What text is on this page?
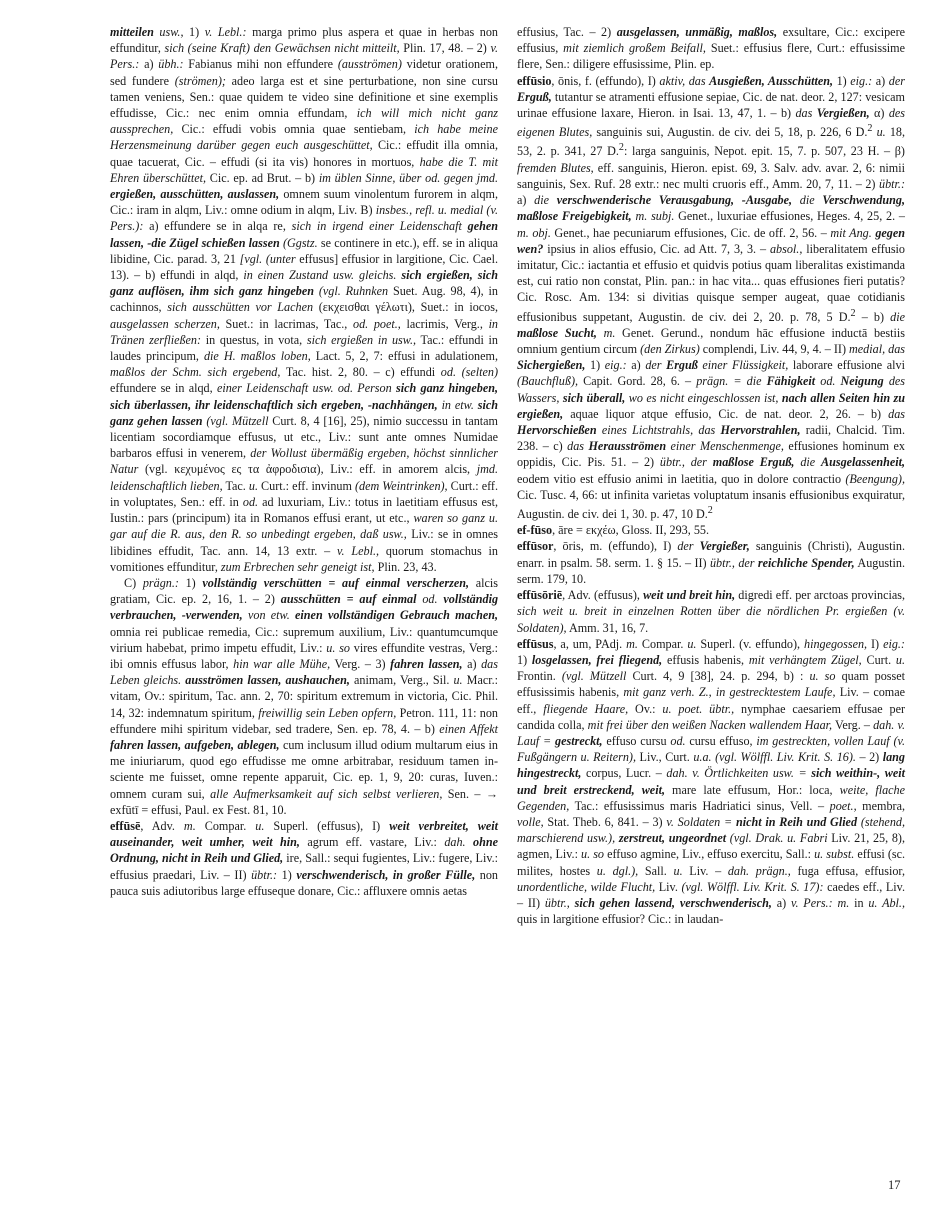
mitteilen usw., 1) v. Lebl.: marga primo plus aspera et quae in herbas non effunditur, sich (seine Kraft) den Gewächsen nicht mitteilt, Plin. 17, 48. – 2) v. Pers.: a) übh.: Fabianus mihi non effundere (ausströmen) videtur orationem, sed fundere (strömen); adeo larga est et sine perturbatione, non sine cursu tamen veniens, Sen.: quae quidem te video sine definitione et sine exemplis effudisse, Cic.: nec enim omnia effundam, ich will mich nicht ganz aussprechen, Cic.: effudi vobis omnia quae sentiebam, ich habe meine Herzensmeinung darüber gegen euch ausgeschüttet, Cic.: effudit illa omnia, quae tacuerat, Cic. – effudi (si ita vis) honores in mortuos, habe die T. mit Ehren überschüttet, Cic. ep. ad Brut. – b) im üblen Sinne, über od. gegen jmd. ergießen, ausschütten, auslassen, omnem suum vinolentum furorem in alqm, Cic.: iram in alqm, Liv.: omne odium in alqm, Liv. B) insbes., refl. u. medial (v. Pers.): a) effundere se in alqa re, sich in irgend einer Leidenschaft gehen lassen, -die Zügel schießen lassen (Ggstz. se continere in etc.), eff. se in aliqua libidine, Cic. parad. 3, 21 [vgl. (unter effusus] effusior in largitione, Cic. Cael. 13). – b) effundi in alqd, in einen Zustand usw. gleichs. sich ergießen, sich ganz auflösen, ihm sich ganz hingeben (vgl. Ruhnken Suet. Aug. 98, 4), in cachinnos, sich ausschütten vor Lachen (εκχεισθαι γέλωτι), Suet.: in iocos, ausgelassen scherzen, Suet.: in lacrimas, Tac., od. poet., lacrimis, Verg., in Tränen zerfließen: in questus, in vota, sich ergießen in usw., Tac.: effundi in laudes principum, die H. maßlos loben, Lact. 5, 2, 7: effusi in adulationem, maßlos der Schm. sich ergebend, Tac. hist. 2, 80. – c) effundi od. (selten) effundere se in alqd, einer Leidenschaft usw. od. Person sich ganz hingeben, sich überlassen, ihr leidenschaftlich sich ergeben, -nachhängen, in etw. sich ganz gehen lassen (vgl. Mützell Curt. 8, 4 [16], 25), nimio successu in tantam licentiam socordiamque effusus, ut etc., Liv.: sunt ante omnes Numidae barbaros effusi in venerem, der Wollust übermäßig ergeben, höchst sinnlicher Natur (vgl. κεχυμένος ες τα ἀφροδισια), Liv.: eff. in amorem alcis, jmd. leidenschaftlich lieben, Tac. u. Curt.: eff. invinum (dem Weintrinken), Curt.: eff. in voluptates, Sen.: eff. in od. ad luxuriam, Liv.: totus in laetitiam effusus est, Iustin.: pars (principum) ita in Romanos effusi erant, ut etc., waren so ganz u. gar auf die R. aus, den R. so unbedingt ergeben, daß usw., Liv.: se in omnes libidines effudit, Tac. ann. 14, 13 extr. – v. Lebl., quorum stomachus in vomitiones effunditur, zum Erbrechen sehr geneigt ist, Plin. 23, 43.

C) prägn.: 1) vollständig verschütten = auf einmal verscherzen, alcis gratiam, Cic. ep. 2, 16, 1. – 2) ausschütten = auf einmal od. vollständig verbrauchen, -verwenden, von etw. einen vollständigen Gebrauch machen, omnia rei publicae remedia, Cic.: supremum auxilium, Liv.: quantumcumque virium habebat, primo impetu effudit, Liv.: u. so vires effundite vestras, Verg.: ibi omnis effusus labor, hin war alle Mühe, Verg. – 3) fahren lassen, a) das Leben gleichs. ausströmen lassen, aushauchen, animam, Verg., Sil. u. Macr.: vitam, Ov.: spiritum, Tac. ann. 2, 70: spiritum extremum in victoria, Cic. Phil. 14, 32: indemnatum spiritum, freiwillig sein Leben opfern, Petron. 111, 11: non effundere mihi spiritum videbar, sed tradere, Sen. ep. 78, 4. – b) einen Affekt fahren lassen, aufgeben, ablegen, cum inclusum illud odium multarum eius in me iniuriarum, quod ego effudisse me omne arbitrabar, residuum tamen insciente me fuisset, omne repente apparuit, Cic. ep. 1, 9, 20: curas, Iuven.: omnem curam sui, alle Aufmerksamkeit auf sich selbst verlieren, Sen. – → exfūtī = effusi, Paul. ex Fest. 81, 10.

effūsē, Adv. m. Compar. u. Superl. (effusus), I) weit verbreitet, weit auseinander, weit umher, weit hin, agrum eff. vastare, Liv.: dah. ohne Ordnung, nicht in Reih und Glied, ire, Sall.: sequi fugientes, Liv.: fugere, Liv.: effusius praedari, Liv. – II) übtr.: 1) verschwenderisch, in großer Fülle, non pauca suis adiutoribus large effuseque donare, Cic.: affluxere omnis aetas

effusius, Tac. – 2) ausgelassen, unmäßig, maßlos, exsultare, Cic.: excipere effusius, mit ziemlich großem Beifall, Suet.: effusius flere, Curt.: effusissime flere, Sen.: diligere effusissime, Plin. ep.

effūsio, ōnis, f. (effundo), I) aktiv, das Ausgießen, Ausschütten, 1) eig.: a) der Erguß, tutantur se atramenti effusione sepiae, Cic. de nat. deor. 2, 127: vesicam urinae effusione laxare, Hieron. in Isai. 13, 47, 1. – b) das Vergießen, α) des eigenen Blutes, sanguinis sui, Augustin. de civ. dei 5, 18, p. 226, 6 D.$^2$ u. 18, 53, 2. p. 341, 27 D.$^2$: larga sanguinis, Nepot. epit. 15, 7. p. 507, 23 H. – β) fremden Blutes, eff. sanguinis, Hieron. epist. 69, 3. Salv. adv. avar. 2, 6: nimii sanguinis, Sex. Ruf. 28 extr.: nec multi cruoris eff., Amm. 20, 7, 11. – 2) übtr.: a) die verschwenderische Verausgabung, -Ausgabe, die Verschwendung, maßlose Freigebigkeit, m. subj. Genet., luxuriae effusiones, Heges. 4, 25, 2. – m. obj. Genet., hae pecuniarum effusiones, Cic. de off. 2, 56. – mit Ang. gegen wen? ipsius in alios effusio, Cic. ad Att. 7, 3, 3. – absol., liberalitatem effusio imitatur, Cic.: iactantia et effusio et quidvis potius quam liberalitas existimanda est, cui ratio non constat, Plin. pan.: in hac vita... quas effusiones fieri putatis? Cic. Rosc. Am. 134: si divitias quisque semper augeat, quae cotidianis effusionibus suppetant, Augustin. de civ. dei 2, 20. p. 78, 5 D.$^2$ – b) die maßlose Sucht, m. Genet. Gerund., nondum hāc effusione inductā bestiis omnium gentium circum (den Zirkus) complendi, Liv. 44, 9, 4. – II) medial, das Sichergießen, 1) eig.: a) der Erguß einer Flüssigkeit, laborare effusione alvi (Bauchfluß), Capit. Gord. 28, 6. – prägn. = die Fähigkeit od. Neigung des Wassers, sich überall, wo es nicht eingeschlossen ist, nach allen Seiten hin zu ergießen, aquae liquor atque effusio, Cic. de nat. deor. 2, 26. – b) das Hervorschießen eines Lichtstrahls, das Hervorstrahlen, radii, Chalcid. Tim. 238. – c) das Herausströmen einer Menschenmenge, effusiones hominum ex oppidis, Cic. Pis. 51. – 2) übtr., der maßlose Erguß, die Ausgelassenheit, eodem vitio est effusio animi in laetitia, quo in dolore contractio (Beengung), Cic. Tusc. 4, 66: ut infinita varietas voluptatum insanis effusionibus exquiratur, Augustin. de civ. dei 1, 30. p. 47, 10 D.$^2$

ef-fūso, āre = εκχέω, Gloss. II, 293, 55.

effūsor, ōris, m. (effundo), I) der Vergießer, sanguinis (Christi), Augustin. enarr. in psalm. 58. serm. 1. § 15. – II) übtr., der reichliche Spender, Augustin. serm. 179, 10.

effūsōriē, Adv. (effusus), weit und breit hin, digredi eff. per arctoas provincias, sich weit u. breit in einzelnen Rotten über die nördlichen Pr. ergießen (v. Soldaten), Amm. 31, 16, 7.

effūsus, a, um, PAdj. m. Compar. u. Superl. (v. effundo), hingegossen, I) eig.: 1) losgelassen, frei fliegend, effusis habenis, mit verhängtem Zügel, Curt. u. Frontin. (vgl. Mützell Curt. 4, 9 [38], 24. p. 294, b) : u. so quam posset effusissimis habenis, mit ganz verh. Z., in gestrecktestem Laufe, Liv. – comae eff., fliegende Haare, Ov.: u. poet. übtr., nymphae caesariem effusae per candida colla, mit frei über den weißen Nacken wallendem Haar, Verg. – dah. v. Lauf = gestreckt, effuso cursu od. cursu effuso, im gestreckten, vollen Lauf (v. Fußgängern u. Reitern), Liv., Curt. u.a. (vgl. Wölffl. Liv. Krit. S. 16). – 2) lang hingestreckt, corpus, Lucr. – dah. v. Örtlichkeiten usw. = sich weithin-, weit und breit erstreckend, weit, mare late effusum, Hor.: loca, weite, flache Gegenden, Tac.: effusissimus maris Hadriatici sinus, Vell. – poet., membra, volle, Stat. Theb. 6, 841. – 3) v. Soldaten = nicht in Reih und Glied (stehend, marschierend usw.), zerstreut, ungeordnet (vgl. Drak. u. Fabri Liv. 21, 25, 8), agmen, Liv.: u. so effuso agmine, Liv., effuso exercitu, Sall.: u. subst. effusi (sc. milites, hostes u. dgl.), Sall. u. Liv. – dah. prägn., fuga effusa, effusior, unordentliche, wilde Flucht, Liv. (vgl. Wölffl. Liv. Krit. S. 17): caedes eff., Liv. – II) übtr., sich gehen lassend, verschwenderisch, a) v. Pers.: m. in u. Abl., quis in largitione effusior? Cic.: in laudan-

17
